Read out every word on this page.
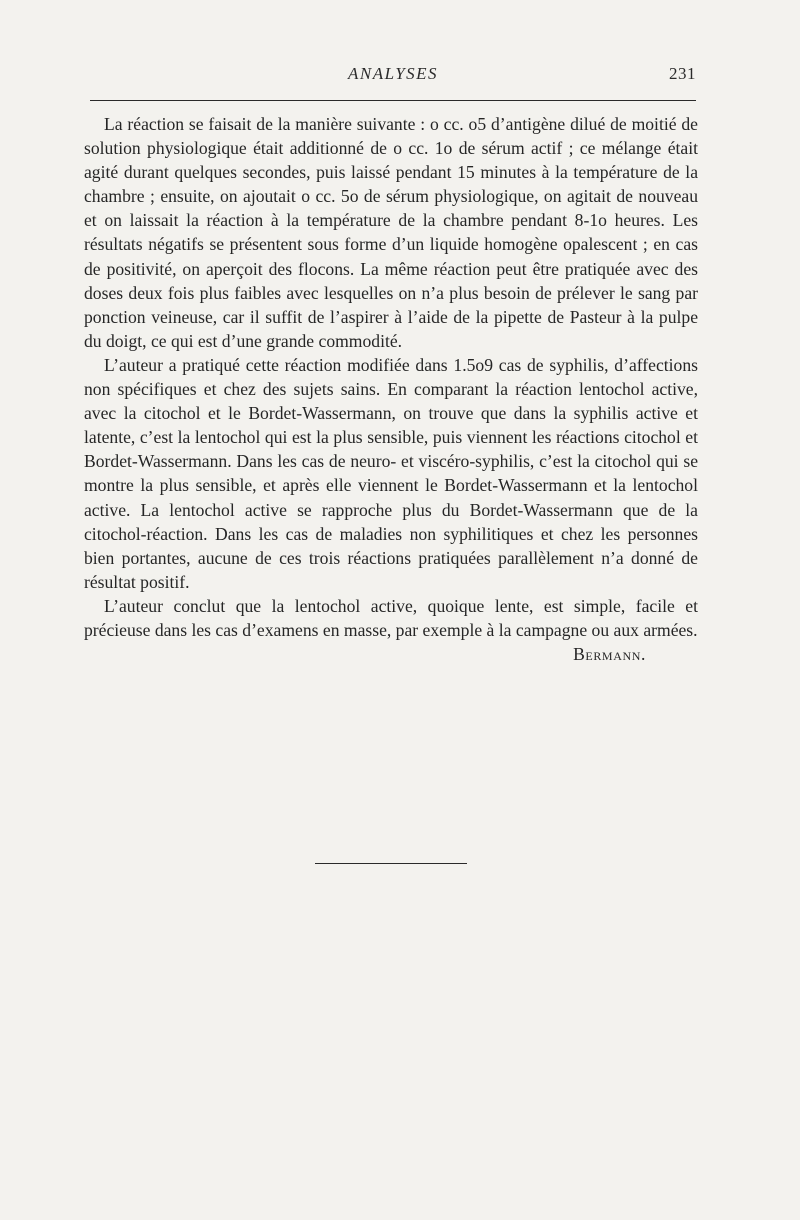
ANALYSES	231

La réaction se faisait de la manière suivante : o cc. o5 d’antigène dilué de moitié de solution physiologique était additionné de o cc. 1o de sérum actif ; ce mélange était agité durant quelques secondes, puis laissé pendant 15 minutes à la température de la chambre ; ensuite, on ajoutait o cc. 5o de sérum physiologique, on agitait de nouveau et on laissait la réaction à la température de la chambre pendant 8-1o heures. Les résultats négatifs se présentent sous forme d’un liquide homogène opalescent ; en cas de positivité, on aperçoit des flocons. La même réaction peut être pratiquée avec des doses deux fois plus faibles avec lesquelles on n’a plus besoin de prélever le sang par ponction veineuse, car il suffit de l’aspirer à l’aide de la pipette de Pasteur à la pulpe du doigt, ce qui est d’une grande commodité.

L’auteur a pratiqué cette réaction modifiée dans 1.5o9 cas de syphilis, d’affections non spécifiques et chez des sujets sains. En comparant la réaction lentochol active, avec la citochol et le Bordet-Wassermann, on trouve que dans la syphilis active et latente, c’est la lentochol qui est la plus sensible, puis viennent les réactions citochol et Bordet-Wassermann. Dans les cas de neuro- et viscéro-syphilis, c’est la citochol qui se montre la plus sensible, et après elle viennent le Bordet-Wassermann et la lentochol active. La lentochol active se rapproche plus du Bordet-Wassermann que de la citochol-réaction. Dans les cas de maladies non syphilitiques et chez les personnes bien portantes, aucune de ces trois réactions pratiquées parallèlement n’a donné de résultat positif.

L’auteur conclut que la lentochol active, quoique lente, est simple, facile et précieuse dans les cas d’examens en masse, par exemple à la campagne ou aux armées.
Bermann.
